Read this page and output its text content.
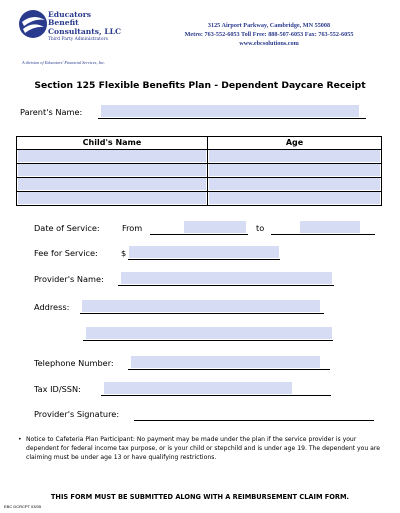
Educators
Benefit
Consultants, LLC
Third Party Administrators
A division of Educators' Financial Services, Inc.
3125 Airport Parkway, Cambridge, MN 55008
Metro: 763-552-6053 Toll Free: 888-507-6053 Fax: 763-552-6055
www.ebcsolutions.com
Section 125 Flexible Benefits Plan - Dependent Daycare Receipt
Parent's Name:
Child's Name	Age
Date of Service:	From	to
Fee for Service:	$
Provider's Name:
Address:
Telephone Number:
Tax ID/SSN:
Provider's Signature:
• Notice to Cafeteria Plan Participant: No payment may be made under the plan if the service provider is your dependent for federal income tax purpose, or is your child or stepchild and is under age 19. The dependent you are claiming must be under age 13 or have qualifying restrictions.
THIS FORM MUST BE SUBMITTED ALONG WITH A REIMBURSEMENT CLAIM FORM.
EBC DCRCPT 03/05
